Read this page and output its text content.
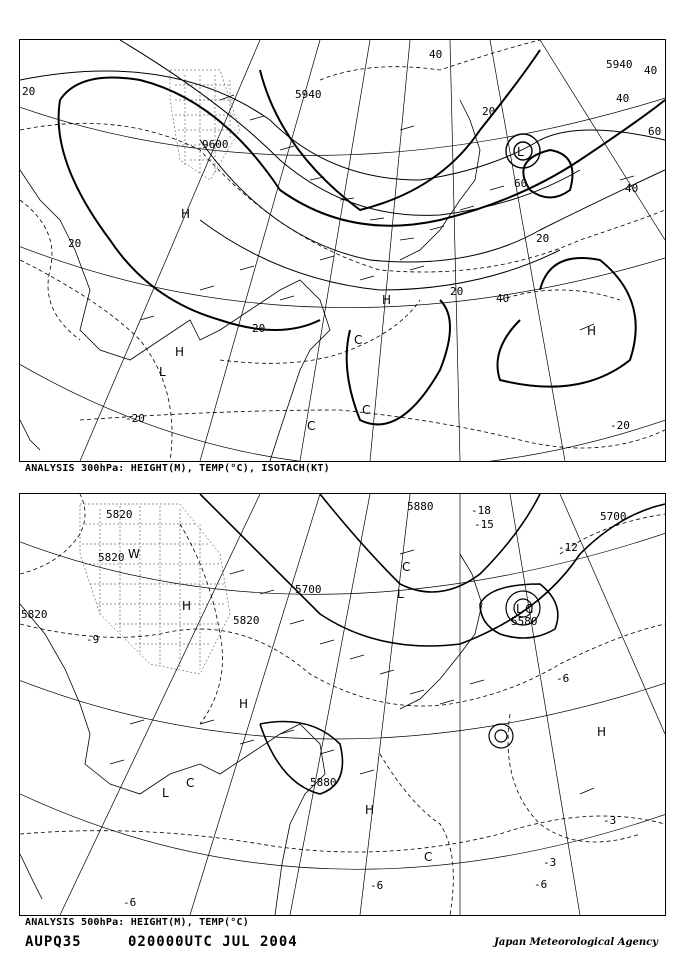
20
20
20
20
20
20
40
40
40
40
40
60
60
-20
-20
5940
9600
5940
L
L
H
H
H
H
C
C
C
ANALYSIS 300hPa: HEIGHT(M), TEMP(°C), ISOTACH(KT)
5820
5820
5820	5820
5880
5880
5700
5700
5580
-18
-15
-12
-9
-6
-6	-6
-6
-3
-3
W
H
H
H
H
L
L
L
C
C
C
C
ANALYSIS 500hPa: HEIGHT(M), TEMP(°C)
AUPQ35	020000UTC JUL 2004	Japan Meteorological Agency
